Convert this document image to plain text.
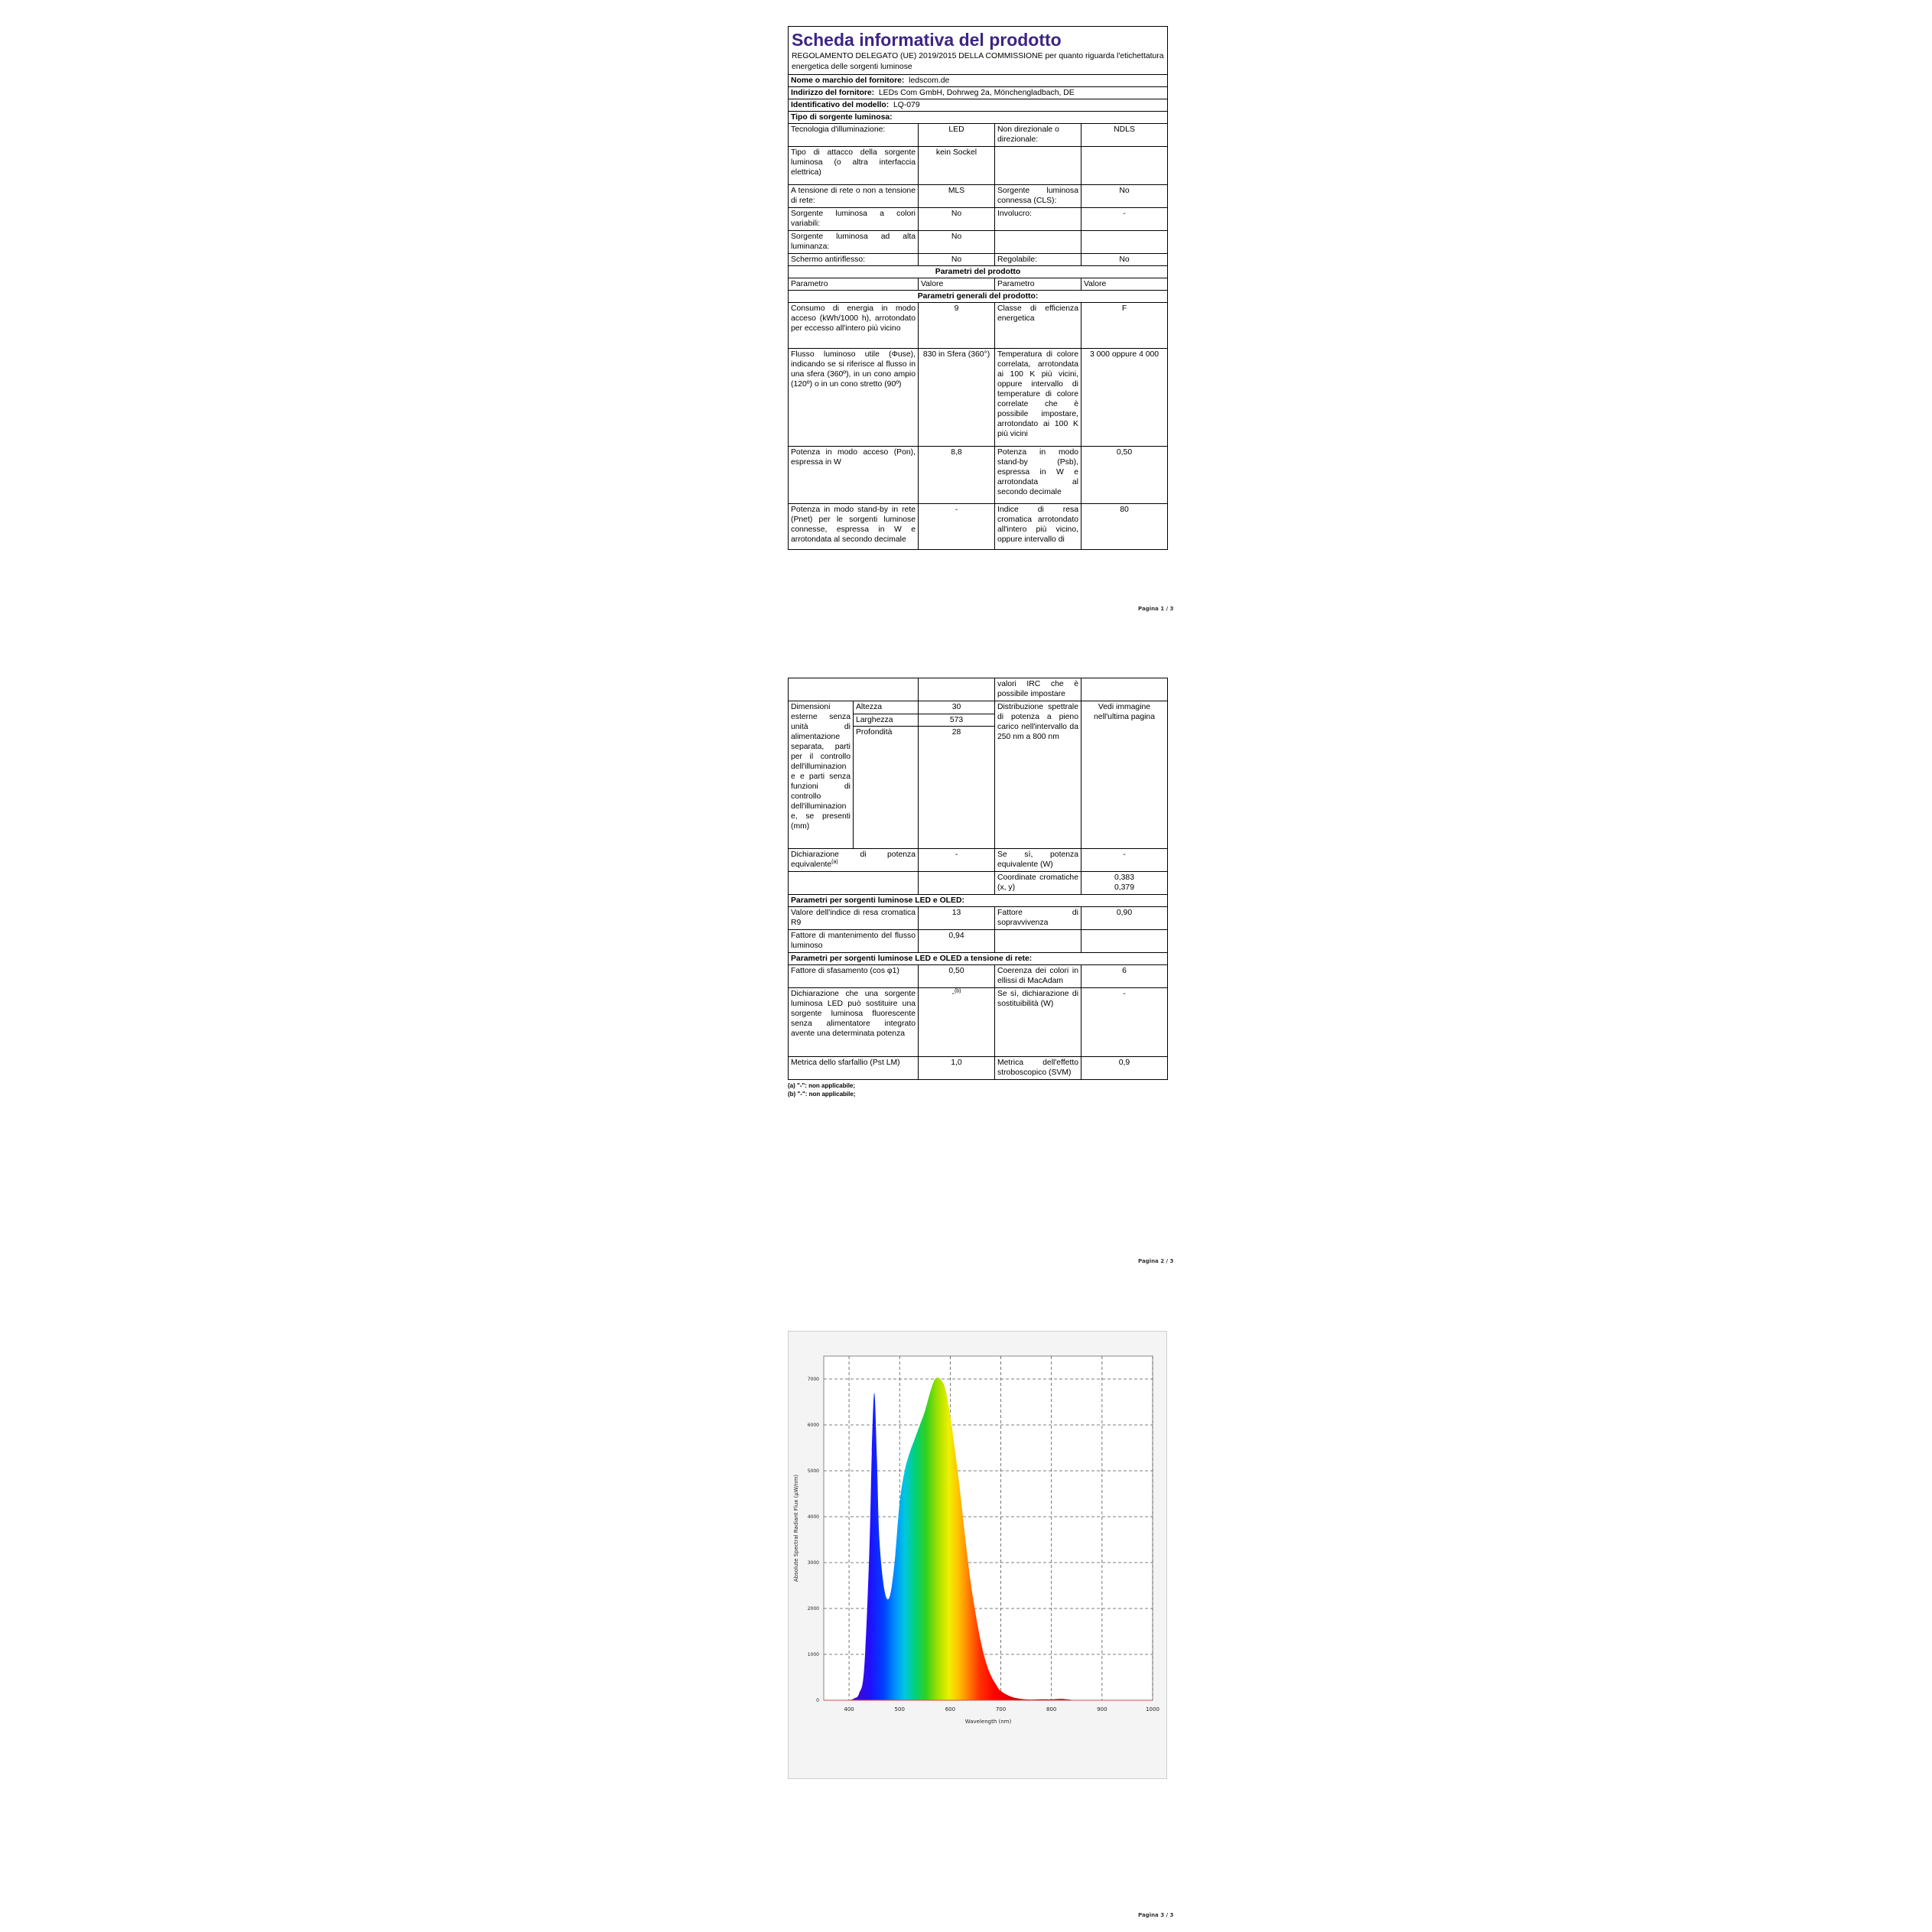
Scheda informativa del prodotto
REGOLAMENTO DELEGATO (UE) 2019/2015 DELLA COMMISSIONE per quanto riguarda l'etichettatura energetica delle sorgenti luminose			

Nome o marchio del fornitore: ledscom.de			
Indirizzo del fornitore: LEDs Com GmbH, Dohrweg 2a, Mönchengladbach, DE			
Identificativo del modello: LQ-079			
Tipo di sorgente luminosa:			
Tecnologia d'illuminazione:	LED	Non direzionale o direzionale:	NDLS
Tipo di attacco della sorgente luminosa (o altra interfaccia elettrica)	kein Sockel		
A tensione di rete o non a tensione di rete:	MLS	Sorgente luminosa connessa (CLS):	No
Sorgente luminosa a colori variabili:	No	Involucro:	-
Sorgente luminosa ad alta luminanza:	No		
Schermo antiriflesso:	No	Regolabile:	No
Parametri del prodotto			
Parametro	Valore	Parametro	Valore
Parametri generali del prodotto:			
Consumo di energia in modo acceso (kWh/1000 h), arrotondato per eccesso all'intero più vicino	9	Classe di efficienza energetica	F
Flusso luminoso utile (Φuse), indicando se si riferisce al flusso in una sfera (360º), in un cono ampio (120º) o in un cono stretto (90º)	830 in Sfera (360°)	Temperatura di colore correlata, arrotondata ai 100 K più vicini, oppure intervallo di temperature di colore correlate che è possibile impostare, arrotondato ai 100 K più vicini	3 000 oppure 4 000
Potenza in modo acceso (Pon), espressa in W	8,8	Potenza in modo stand-by (Psb), espressa in W e arrotondata al secondo decimale	0,50
Potenza in modo stand-by in rete (Pnet) per le sorgenti luminose connesse, espressa in W e arrotondata al secondo decimale	-	Indice di resa cromatica arrotondato all'intero più vicino, oppure intervallo di	80
Pagina 1 / 3
			valori IRC che è possibile impostare	
Dimensioni esterne senza unità di alimentazione separata, parti per il controllo dell'illuminazione e parti senza funzioni di controllo dell'illuminazione, se presenti (mm)	Altezza	30	Distribuzione spettrale di potenza a pieno carico nell'intervallo da 250 nm a 800 nm	Vedi immagine nell'ultima pagina
	Larghezza	573		
	Profondità	28		
Dichiarazione di potenza equivalente$^{(a)}$		-	Se sì, potenza equivalente (W)	-
			Coordinate cromatiche (x, y)	0,383
0,379
Parametri per sorgenti luminose LED e OLED:				
Valore dell'indice di resa cromatica R9		13	Fattore di sopravvivenza	0,90
Fattore di mantenimento del flusso luminoso		0,94		
Parametri per sorgenti luminose LED e OLED a tensione di rete:				
Fattore di sfasamento (cos φ1)		0,50	Coerenza dei colori in ellissi di MacAdam	6
Dichiarazione che una sorgente luminosa LED può sostituire una sorgente luminosa fluorescente senza alimentatore integrato avente una determinata potenza		-$^{(b)}$	Se sì, dichiarazione di sostituibilità (W)	-
Metrica dello sfarfallio (Pst LM)		1,0	Metrica dell'effetto stroboscopico (SVM)	0,9
(a) "-": non applicabile;
(b) "-": non applicabile;
Pagina 2 / 3
400	500	600	700	800	900	1000
0
1000
2000
3000
4000
5000
6000
7000
Wavelength (nm)
Absolute Spectral Radiant Flux (μW/nm)
Pagina 3 / 3
